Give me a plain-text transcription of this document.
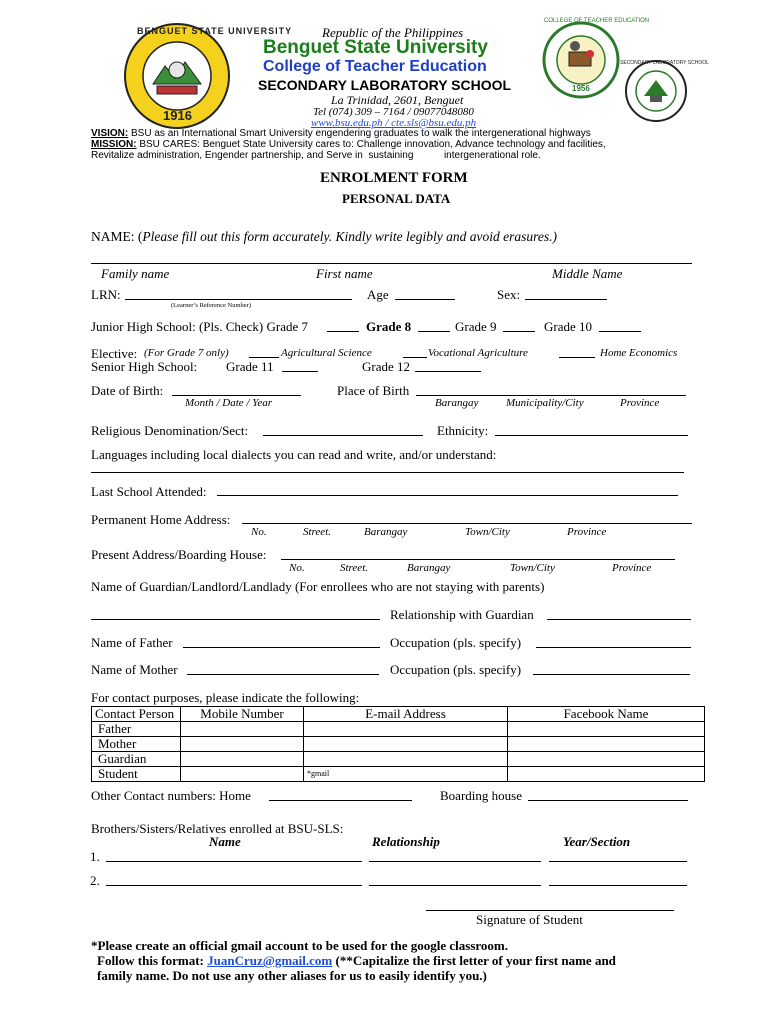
BENGUET STATE UNIVERSITY
1916
COLLEGE OF TEACHER EDUCATION
1956
SECONDARY LABORATORY SCHOOL
Republic of the Philippines
Benguet State University
College of Teacher Education
SECONDARY LABORATORY SCHOOL
La Trinidad, 2601, Benguet
Tel (074) 309 – 7164 / 09077048080
www.bsu.edu.ph / cte.sls@bsu.edu.ph
VISION: BSU as an International Smart University engendering graduates to walk the intergenerational highways
MISSION: BSU CARES: Benguet State University cares to: Challenge innovation, Advance technology and facilities,
Revitalize administration, Engender partnership, and Serve in  sustaining           intergenerational role.
ENROLMENT FORM
PERSONAL DATA
NAME: (Please fill out this form accurately. Kindly write legibly and avoid erasures.)
Family name	First name	Middle Name
LRN:
(Learner’s Reference Number)
Age	Sex:
Junior High School: (Pls. Check) Grade 7	Grade 8	Grade 9	Grade 10
Elective: (For Grade 7 only)	Agricultural Science	Vocational Agriculture	Home Economics
Senior High School: Grade 11	Grade 12
Date of Birth:
Month / Date / Year
Place of Birth
Barangay	Municipality/City	Province
Religious Denomination/Sect:	Ethnicity:
Languages including local dialects you can read and write, and/or understand:
Last School Attended:
Permanent Home Address:
No.	Street.	Barangay	Town/City	Province
Present Address/Boarding House:
No.	Street.	Barangay	Town/City	Province
Name of Guardian/Landlord/Landlady (For enrollees who are not staying with parents)
Relationship with Guardian
Name of Father	Occupation (pls. specify)
Name of Mother	Occupation (pls. specify)
For contact purposes, please indicate the following:
Contact Person	Mobile Number	E-mail Address	Facebook Name
Father			
Mother			
Guardian			
Student		$^{*gmail}$	
Other Contact numbers: Home	Boarding house
Brothers/Sisters/Relatives enrolled at BSU-SLS:
Name	Relationship	Year/Section
1.
2.
Signature of Student
*Please create an official gmail account to be used for the google classroom.
Follow this format: JuanCruz@gmail.com (**Capitalize the first letter of your first name and
family name. Do not use any other aliases for us to easily identify you.)
